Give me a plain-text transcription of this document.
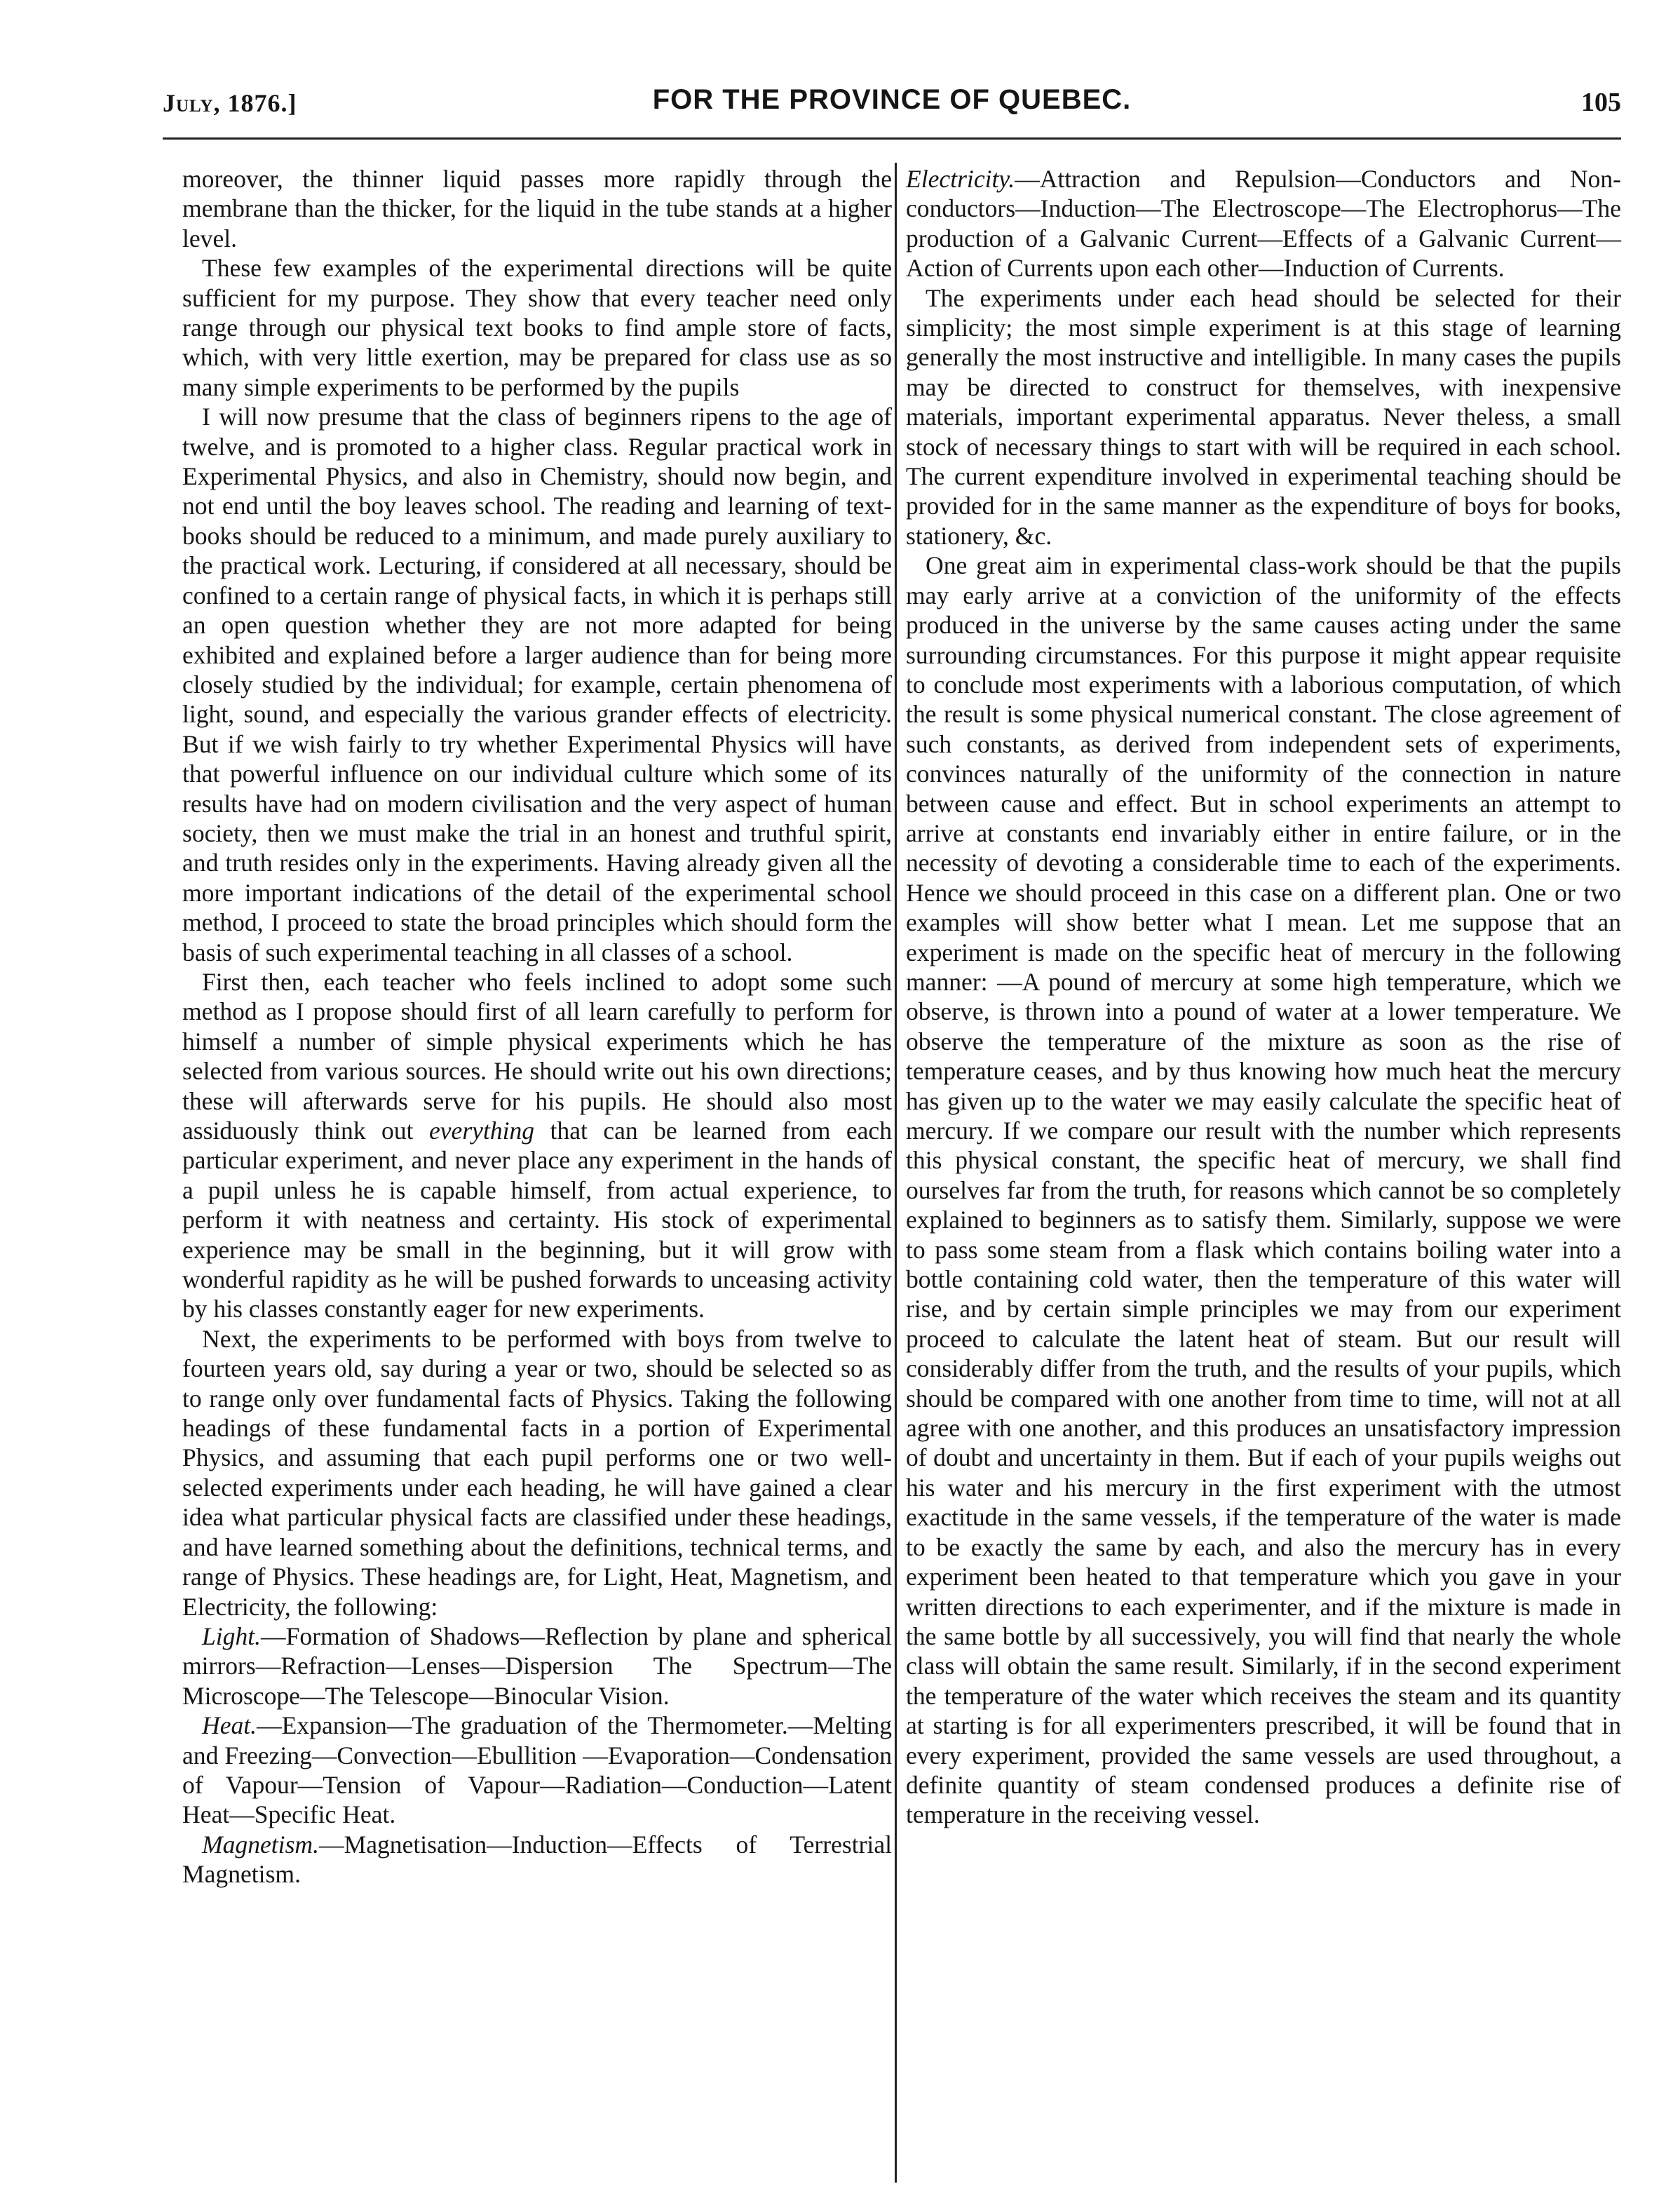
July, 1876.]	FOR THE PROVINCE OF QUEBEC.	105

moreover, the thinner liquid passes more rapidly through the membrane than the thicker, for the liquid in the tube stands at a higher level.

These few examples of the experimental directions will be quite sufficient for my purpose. They show that every teacher need only range through our physical text books to find ample store of facts, which, with very little exertion, may be prepared for class use as so many simple experiments to be performed by the pupils

I will now presume that the class of beginners ripens to the age of twelve, and is promoted to a higher class. Regular practical work in Experimental Physics, and also in Chemistry, should now begin, and not end until the boy leaves school. The reading and learning of text-books should be reduced to a minimum, and made purely auxiliary to the practical work. Lecturing, if considered at all necessary, should be confined to a certain range of physical facts, in which it is perhaps still an open question whether they are not more adapted for being exhibited and explained before a larger audience than for being more closely studied by the individual; for example, certain phenomena of light, sound, and especially the various grander effects of electricity. But if we wish fairly to try whether Experimental Physics will have that powerful influence on our individual culture which some of its results have had on modern civilisation and the very aspect of human society, then we must make the trial in an honest and truthful spirit, and truth resides only in the experiments. Having already given all the more important indications of the detail of the experimental school method, I proceed to state the broad principles which should form the basis of such experimental teaching in all classes of a school.

First then, each teacher who feels inclined to adopt some such method as I propose should first of all learn carefully to perform for himself a number of simple physical experiments which he has selected from various sources. He should write out his own directions; these will afterwards serve for his pupils. He should also most assiduously think out everything that can be learned from each particular experiment, and never place any experiment in the hands of a pupil unless he is capable himself, from actual experience, to perform it with neatness and certainty. His stock of experimental experience may be small in the beginning, but it will grow with wonderful rapidity as he will be pushed forwards to unceasing activity by his classes constantly eager for new experiments.

Next, the experiments to be performed with boys from twelve to fourteen years old, say during a year or two, should be selected so as to range only over fundamental facts of Physics. Taking the following headings of these fundamental facts in a portion of Experimental Physics, and assuming that each pupil performs one or two well-selected experiments under each heading, he will have gained a clear idea what particular physical facts are classified under these headings, and have learned something about the definitions, technical terms, and range of Physics. These headings are, for Light, Heat, Magnetism, and Electricity, the following:

Light.—Formation of Shadows—Reflection by plane and spherical mirrors—Refraction—Lenses—Dispersion The Spectrum—The Microscope—The Telescope—Binocular Vision.

Heat.—Expansion—The graduation of the Thermometer.—Melting and Freezing—Convection—Ebullition —Evaporation—Condensation of Vapour—Tension of Vapour—Radiation—Conduction—Latent Heat—Specific Heat.

Magnetism.—Magnetisation—Induction—Effects of Terrestrial Magnetism.

Electricity.—Attraction and Repulsion—Conductors and Non-conductors—Induction—The Electroscope—The Electrophorus—The production of a Galvanic Current—Effects of a Galvanic Current—Action of Currents upon each other—Induction of Currents.

The experiments under each head should be selected for their simplicity; the most simple experiment is at this stage of learning generally the most instructive and intelligible. In many cases the pupils may be directed to construct for themselves, with inexpensive materials, important experimental apparatus. Never theless, a small stock of necessary things to start with will be required in each school. The current expenditure involved in experimental teaching should be provided for in the same manner as the expenditure of boys for books, stationery, &c.

One great aim in experimental class-work should be that the pupils may early arrive at a conviction of the uniformity of the effects produced in the universe by the same causes acting under the same surrounding circumstances. For this purpose it might appear requisite to conclude most experiments with a laborious computation, of which the result is some physical numerical constant. The close agreement of such constants, as derived from independent sets of experiments, convinces naturally of the uniformity of the connection in nature between cause and effect. But in school experiments an attempt to arrive at constants end invariably either in entire failure, or in the necessity of devoting a considerable time to each of the experiments. Hence we should proceed in this case on a different plan. One or two examples will show better what I mean. Let me suppose that an experiment is made on the specific heat of mercury in the following manner: —A pound of mercury at some high temperature, which we observe, is thrown into a pound of water at a lower temperature. We observe the temperature of the mixture as soon as the rise of temperature ceases, and by thus knowing how much heat the mercury has given up to the water we may easily calculate the specific heat of mercury. If we compare our result with the number which represents this physical constant, the specific heat of mercury, we shall find ourselves far from the truth, for reasons which cannot be so completely explained to beginners as to satisfy them. Similarly, suppose we were to pass some steam from a flask which contains boiling water into a bottle containing cold water, then the temperature of this water will rise, and by certain simple principles we may from our experiment proceed to calculate the latent heat of steam. But our result will considerably differ from the truth, and the results of your pupils, which should be compared with one another from time to time, will not at all agree with one another, and this produces an unsatisfactory impression of doubt and uncertainty in them. But if each of your pupils weighs out his water and his mercury in the first experiment with the utmost exactitude in the same vessels, if the temperature of the water is made to be exactly the same by each, and also the mercury has in every experiment been heated to that temperature which you gave in your written directions to each experimenter, and if the mixture is made in the same bottle by all successively, you will find that nearly the whole class will obtain the same result. Similarly, if in the second experiment the temperature of the water which receives the steam and its quantity at starting is for all experimenters prescribed, it will be found that in every experiment, provided the same vessels are used throughout, a definite quantity of steam condensed produces a definite rise of temperature in the receiving vessel.
